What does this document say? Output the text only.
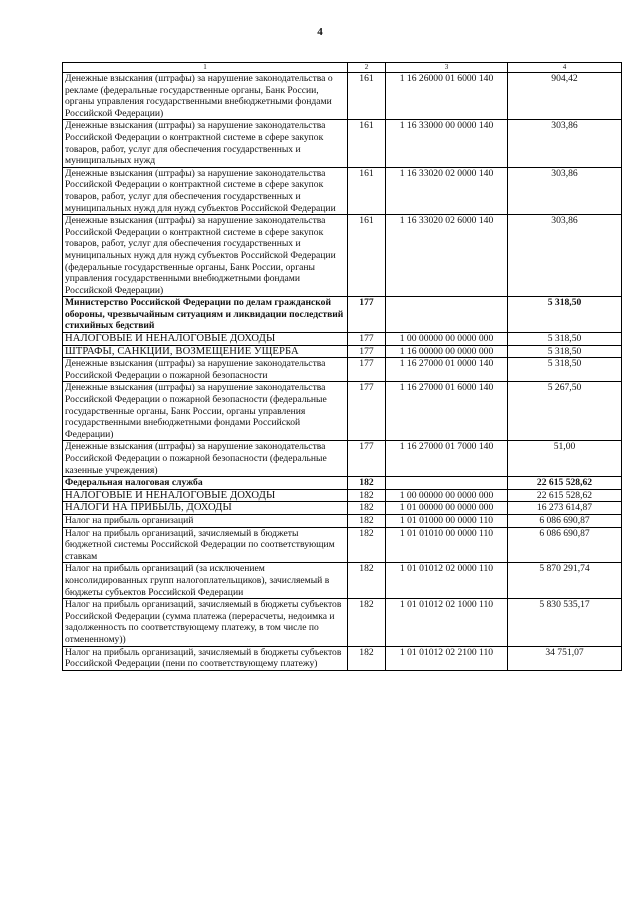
4
1	2	3	4
Денежные взыскания (штрафы) за нарушение законодательства о рекламе (федеральные государственные органы, Банк России, органы управления государственными внебюджетными фондами Российской Федерации)	161	1 16 26000 01 6000 140	904,42
Денежные взыскания (штрафы) за нарушение законодательства Российской Федерации о контрактной системе в сфере закупок товаров, работ, услуг для обеспечения государственных и муниципальных нужд	161	1 16 33000 00 0000 140	303,86
Денежные взыскания (штрафы) за нарушение законодательства Российской Федерации о контрактной системе в сфере закупок товаров, работ, услуг для обеспечения государственных и муниципальных нужд для нужд субъектов Российской Федерации	161	1 16 33020 02 0000 140	303,86
Денежные взыскания (штрафы) за нарушение законодательства Российской Федерации о контрактной системе в сфере закупок товаров, работ, услуг для обеспечения государственных и муниципальных нужд для нужд субъектов Российской Федерации (федеральные государственные органы, Банк России, органы управления государственными внебюджетными фондами Российской Федерации)	161	1 16 33020 02 6000 140	303,86
Министерство Российской Федерации по делам гражданской обороны, чрезвычайным ситуациям и ликвидации последствий стихийных бедствий	177		5 318,50
НАЛОГОВЫЕ И НЕНАЛОГОВЫЕ ДОХОДЫ	177	1 00 00000 00 0000 000	5 318,50
ШТРАФЫ, САНКЦИИ, ВОЗМЕЩЕНИЕ УЩЕРБА	177	1 16 00000 00 0000 000	5 318,50
Денежные взыскания (штрафы) за нарушение законодательства Российской Федерации о пожарной безопасности	177	1 16 27000 01 0000 140	5 318,50
Денежные взыскания (штрафы) за нарушение законодательства Российской Федерации о пожарной безопасности (федеральные государственные органы, Банк России, органы управления государственными внебюджетными фондами Российской Федерации)	177	1 16 27000 01 6000 140	5 267,50
Денежные взыскания (штрафы) за нарушение законодательства Российской Федерации о пожарной безопасности (федеральные казенные учреждения)	177	1 16 27000 01 7000 140	51,00
Федеральная налоговая служба	182		22 615 528,62
НАЛОГОВЫЕ И НЕНАЛОГОВЫЕ ДОХОДЫ	182	1 00 00000 00 0000 000	22 615 528,62
НАЛОГИ НА ПРИБЫЛЬ, ДОХОДЫ	182	1 01 00000 00 0000 000	16 273 614,87
Налог на прибыль организаций	182	1 01 01000 00 0000 110	6 086 690,87
Налог на прибыль организаций, зачисляемый в бюджеты бюджетной системы Российской Федерации по соответствующим ставкам	182	1 01 01010 00 0000 110	6 086 690,87
Налог на прибыль организаций (за исключением консолидированных групп налогоплательщиков), зачисляемый в бюджеты субъектов Российской Федерации	182	1 01 01012 02 0000 110	5 870 291,74
Налог на прибыль организаций, зачисляемый в бюджеты субъектов Российской Федерации (сумма платежа (перерасчеты, недоимка и задолженность по соответствующему платежу, в том числе по отмененному))	182	1 01 01012 02 1000 110	5 830 535,17
Налог на прибыль организаций, зачисляемый в бюджеты субъектов Российской Федерации (пени по соответствующему платежу)	182	1 01 01012 02 2100 110	34 751,07
